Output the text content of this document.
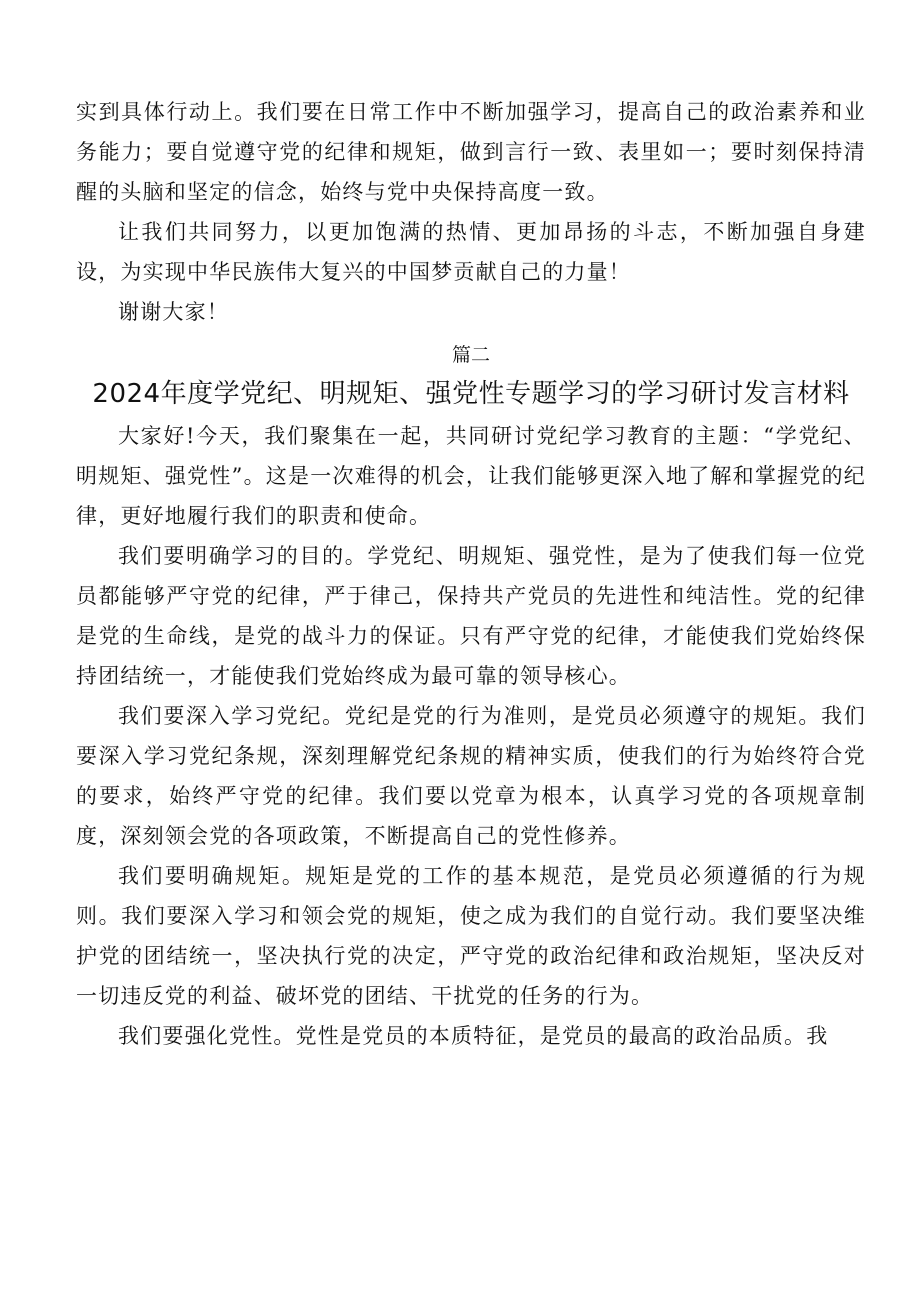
实到具体行动上。我们要在日常工作中不断加强学习，提高自己的政治素养和业务能力；要自觉遵守党的纪律和规矩，做到言行一致、表里如一；要时刻保持清醒的头脑和坚定的信念，始终与党中央保持高度一致。

让我们共同努力，以更加饱满的热情、更加昂扬的斗志，不断加强自身建设，为实现中华民族伟大复兴的中国梦贡献自己的力量！

谢谢大家！

篇二

2024年度学党纪、明规矩、强党性专题学习的学习研讨发言材料

大家好!今天，我们聚集在一起，共同研讨党纪学习教育的主题：“学党纪、明规矩、强党性”。这是一次难得的机会，让我们能够更深入地了解和掌握党的纪律，更好地履行我们的职责和使命。

我们要明确学习的目的。学党纪、明规矩、强党性，是为了使我们每一位党员都能够严守党的纪律，严于律己，保持共产党员的先进性和纯洁性。党的纪律是党的生命线，是党的战斗力的保证。只有严守党的纪律，才能使我们党始终保持团结统一，才能使我们党始终成为最可靠的领导核心。

我们要深入学习党纪。党纪是党的行为准则，是党员必须遵守的规矩。我们要深入学习党纪条规，深刻理解党纪条规的精神实质，使我们的行为始终符合党的要求，始终严守党的纪律。我们要以党章为根本，认真学习党的各项规章制度，深刻领会党的各项政策，不断提高自己的党性修养。

我们要明确规矩。规矩是党的工作的基本规范，是党员必须遵循的行为规则。我们要深入学习和领会党的规矩，使之成为我们的自觉行动。我们要坚决维护党的团结统一，坚决执行党的决定，严守党的政治纪律和政治规矩，坚决反对一切违反党的利益、破坏党的团结、干扰党的任务的行为。

我们要强化党性。党性是党员的本质特征，是党员的最高的政治品质。我
